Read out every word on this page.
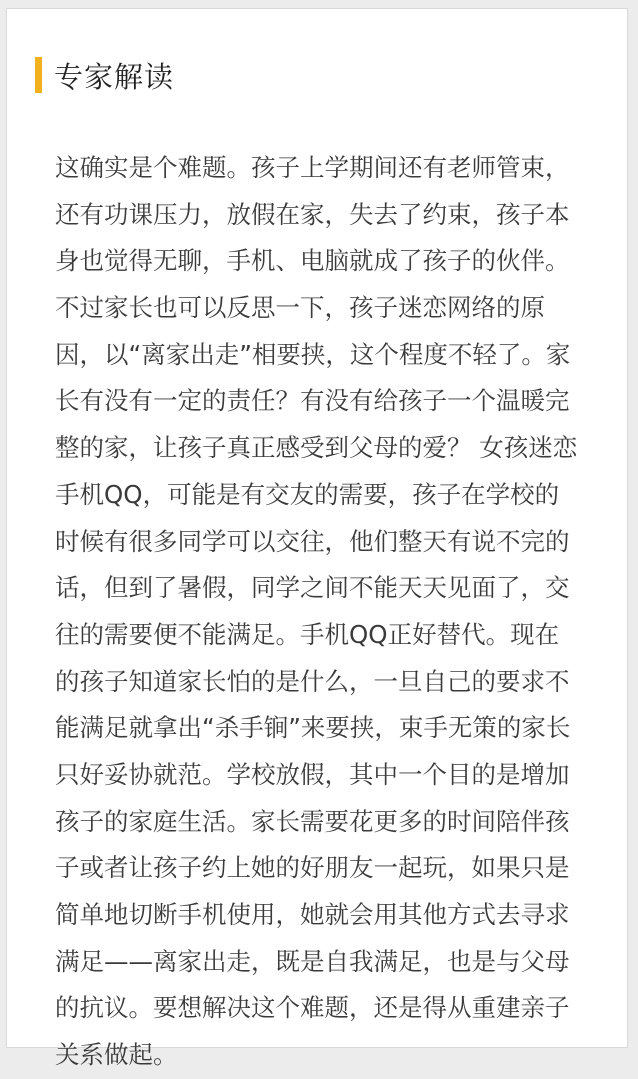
专家解读
这确实是个难题。孩子上学期间还有老师管束，
还有功课压力，放假在家，失去了约束，孩子本
身也觉得无聊，手机、电脑就成了孩子的伙伴。
不过家长也可以反思一下，孩子迷恋网络的原
因，以“离家出走”相要挟，这个程度不轻了。家
长有没有一定的责任？有没有给孩子一个温暖完
整的家，让孩子真正感受到父母的爱？ 女孩迷恋
手机QQ，可能是有交友的需要，孩子在学校的
时候有很多同学可以交往，他们整天有说不完的
话，但到了暑假，同学之间不能天天见面了，交
往的需要便不能满足。手机QQ正好替代。现在
的孩子知道家长怕的是什么，一旦自己的要求不
能满足就拿出“杀手锏”来要挟，束手无策的家长
只好妥协就范。学校放假，其中一个目的是增加
孩子的家庭生活。家长需要花更多的时间陪伴孩
子或者让孩子约上她的好朋友一起玩，如果只是
简单地切断手机使用，她就会用其他方式去寻求
满足——离家出走，既是自我满足，也是与父母
的抗议。要想解决这个难题，还是得从重建亲子
关系做起。
